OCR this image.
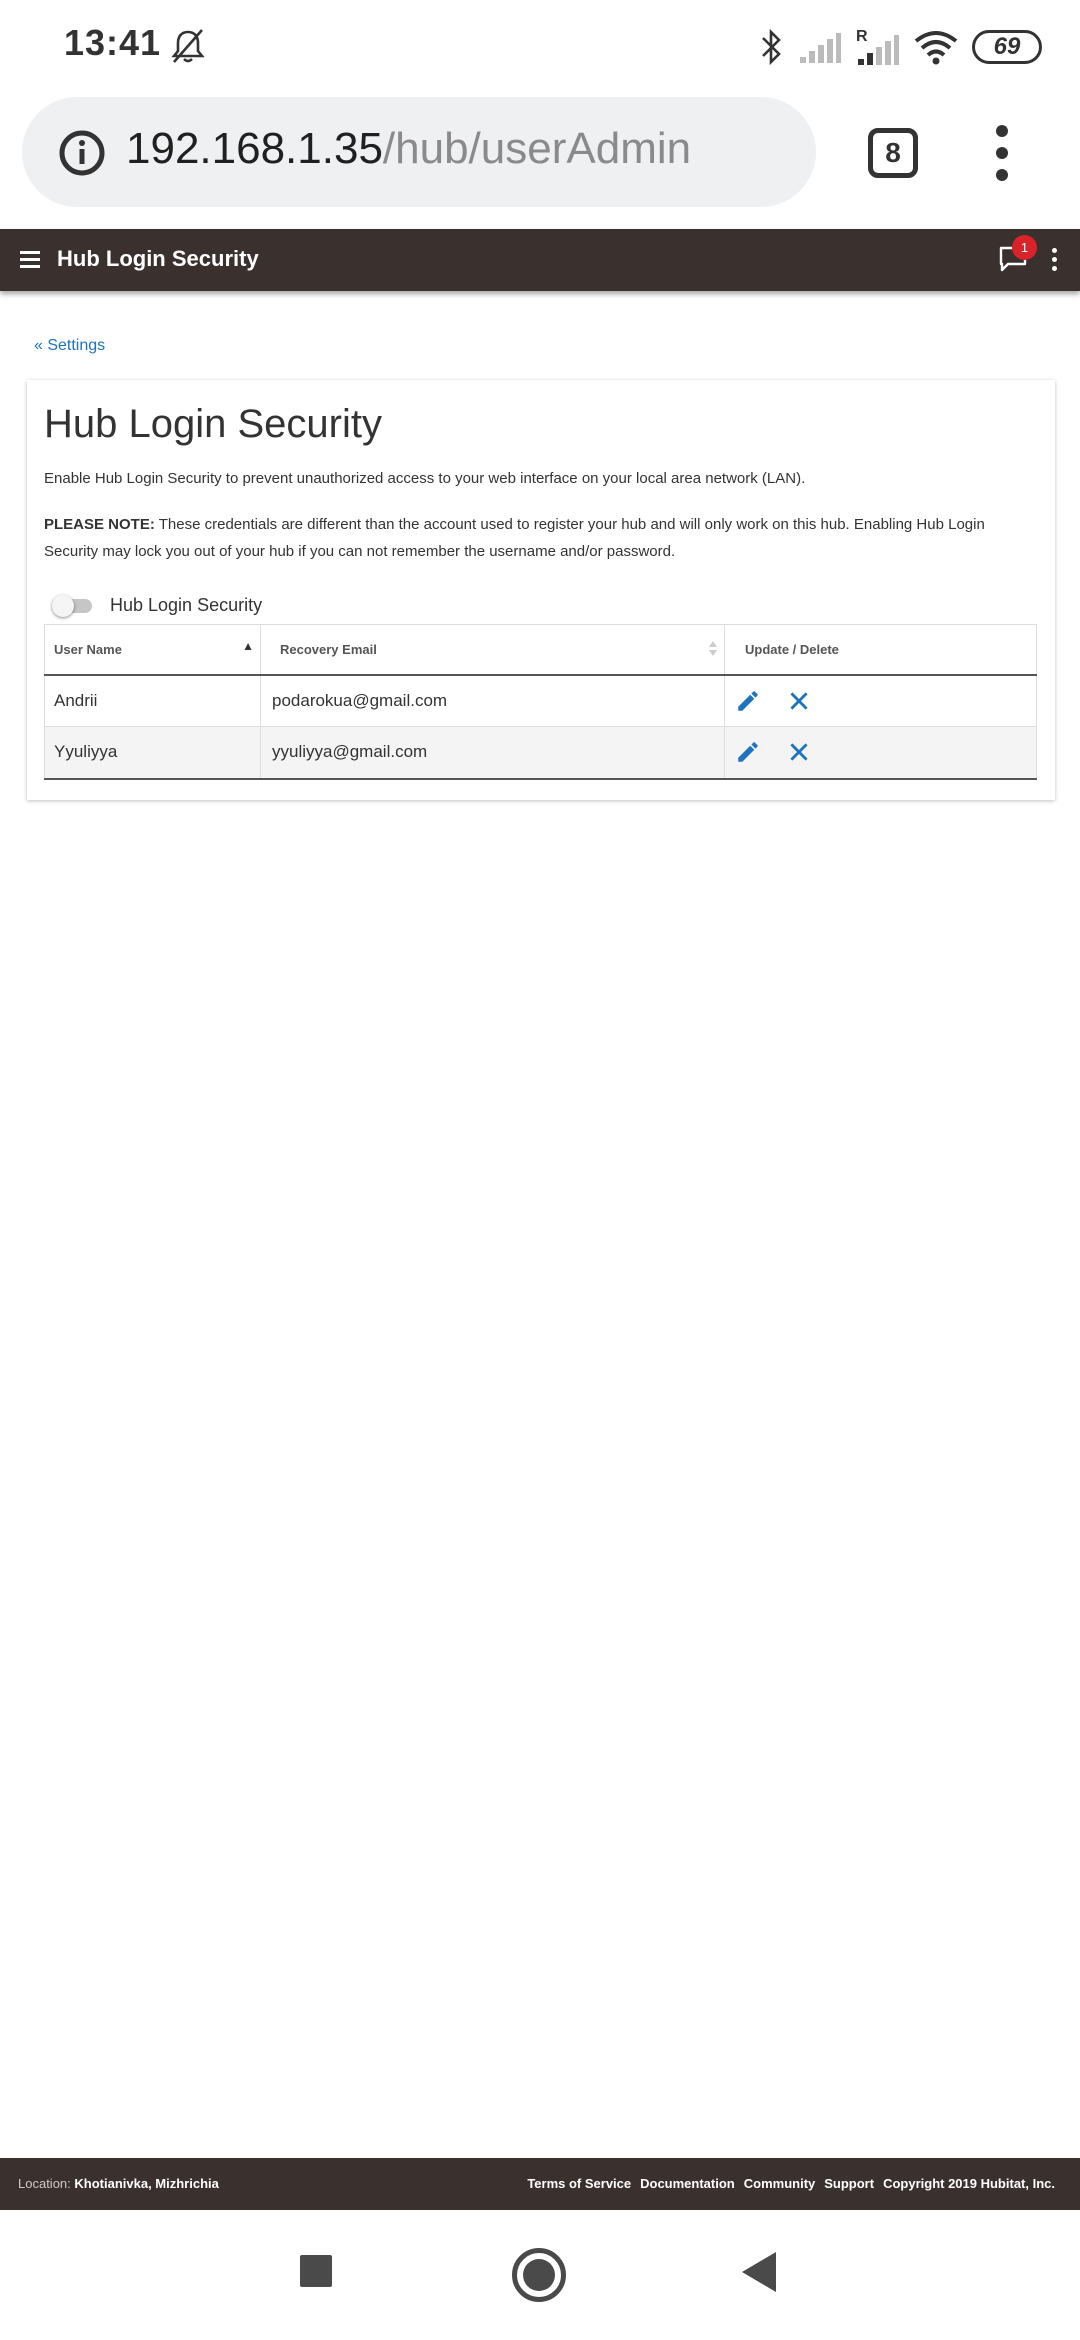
13:41	R	69
192.168.1.35/hub/userAdmin	8
Hub Login Security	1
« Settings
Hub Login Security

Enable Hub Login Security to prevent unauthorized access to your web interface on your local area network (LAN).

PLEASE NOTE: These credentials are different than the account used to register your hub and will only work on this hub. Enabling Hub Login Security may lock you out of your hub if you can not remember the username and/or password.

Hub Login Security
User Name ▲	Recovery Email	Update / Delete
Andrii	podarokua@gmail.com	
Yyuliyya	yyuliyya@gmail.com	
Location: Khotianivka, Mizhrichia	Terms of Service Documentation Community Support Copyright 2019 Hubitat, Inc.
